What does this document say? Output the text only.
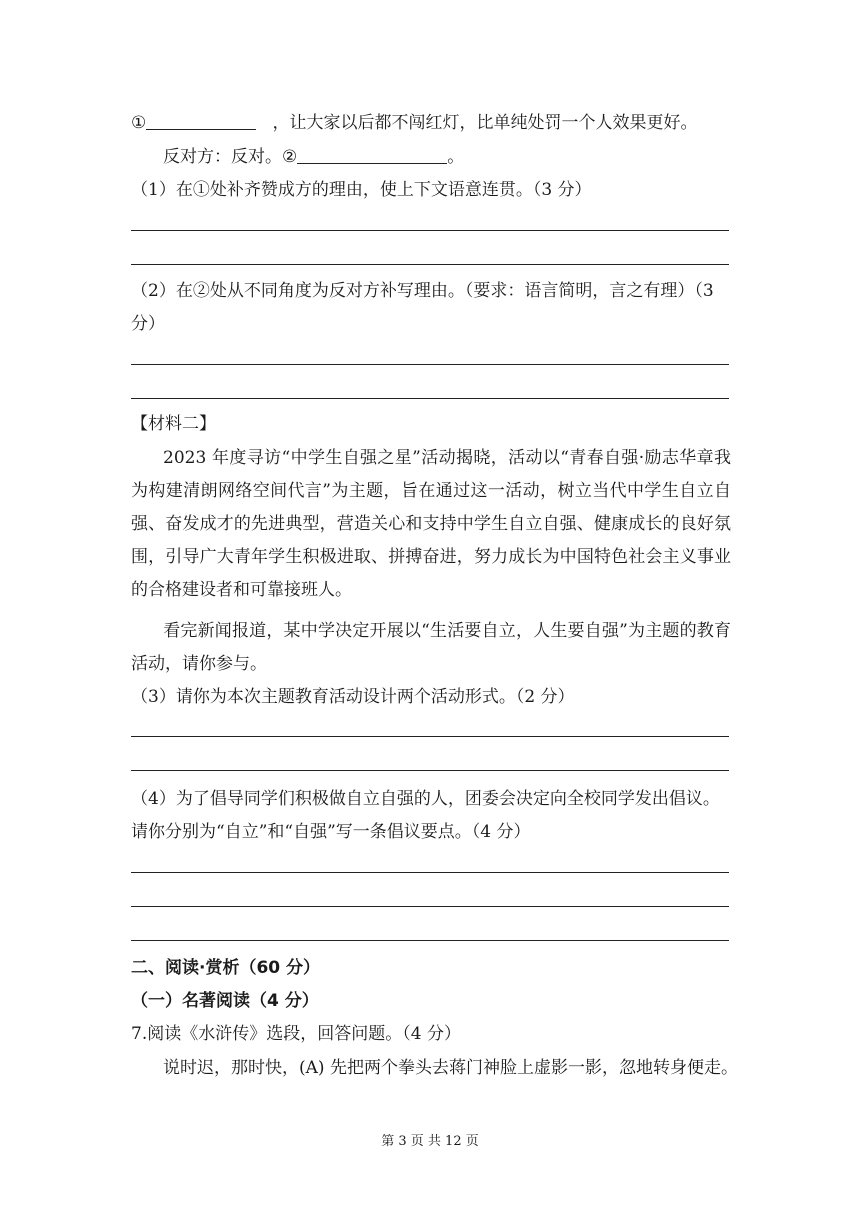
①	，让大家以后都不闯红灯，比单纯处罚一个人效果更好。
反对方：反对。②	。
（1）在①处补齐赞成方的理由，使上下文语意连贯。（3 分）
（2）在②处从不同角度为反对方补写理由。（要求：语言简明，言之有理）（3
分）
【材料二】
2023 年度寻访“中学生自强之星”活动揭晓，活动以“青春自强·励志华章我为构建清朗网络空间代言”为主题，旨在通过这一活动，树立当代中学生自立自强、奋发成才的先进典型，营造关心和支持中学生自立自强、健康成长的良好氛围，引导广大青年学生积极进取、拼搏奋进，努力成长为中国特色社会主义事业的合格建设者和可靠接班人。
看完新闻报道，某中学决定开展以“生活要自立，人生要自强”为主题的教育活动，请你参与。
（3）请你为本次主题教育活动设计两个活动形式。（2 分）
（4）为了倡导同学们积极做自立自强的人，团委会决定向全校同学发出倡议。
请你分别为“自立”和“自强”写一条倡议要点。（4 分）
二、阅读·赏析（60 分）
（一）名著阅读（4 分）
7.阅读《水浒传》选段，回答问题。（4 分）
说时迟，那时快，(A) 先把两个拳头去蒋门神脸上虚影一影，忽地转身便走。
第 3 页 共 12 页
